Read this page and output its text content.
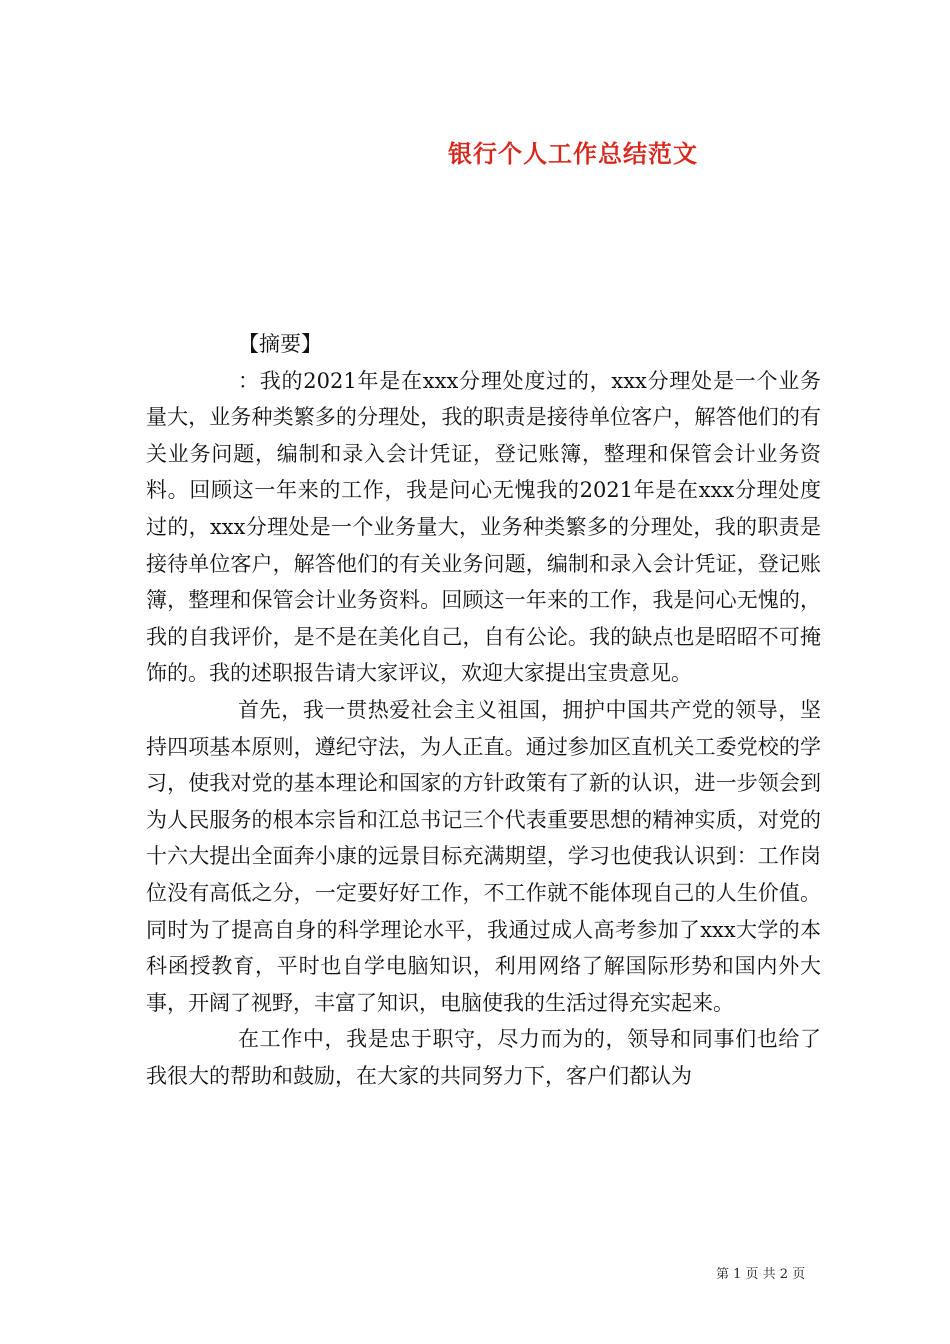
银行个人工作总结范文

【摘要】

：我的2021年是在xxx分理处度过的，xxx分理处是一个业务量大，业务种类繁多的分理处，我的职责是接待单位客户，解答他们的有关业务问题，编制和录入会计凭证，登记账簿，整理和保管会计业务资料。回顾这一年来的工作，我是问心无愧我的2021年是在xxx分理处度过的，xxx分理处是一个业务量大，业务种类繁多的分理处，我的职责是接待单位客户，解答他们的有关业务问题，编制和录入会计凭证，登记账簿，整理和保管会计业务资料。回顾这一年来的工作，我是问心无愧的，我的自我评价，是不是在美化自己，自有公论。我的缺点也是昭昭不可掩饰的。我的述职报告请大家评议，欢迎大家提出宝贵意见。

首先，我一贯热爱社会主义祖国，拥护中国共产党的领导，坚持四项基本原则，遵纪守法，为人正直。通过参加区直机关工委党校的学习，使我对党的基本理论和国家的方针政策有了新的认识，进一步领会到为人民服务的根本宗旨和江总书记三个代表重要思想的精神实质，对党的十六大提出全面奔小康的远景目标充满期望，学习也使我认识到：工作岗位没有高低之分，一定要好好工作，不工作就不能体现自己的人生价值。同时为了提高自身的科学理论水平，我通过成人高考参加了xxx大学的本科函授教育，平时也自学电脑知识，利用网络了解国际形势和国内外大事，开阔了视野，丰富了知识，电脑使我的生活过得充实起来。

在工作中，我是忠于职守，尽力而为的，领导和同事们也给了我很大的帮助和鼓励，在大家的共同努力下，客户们都认为

第 1 页 共 2 页
